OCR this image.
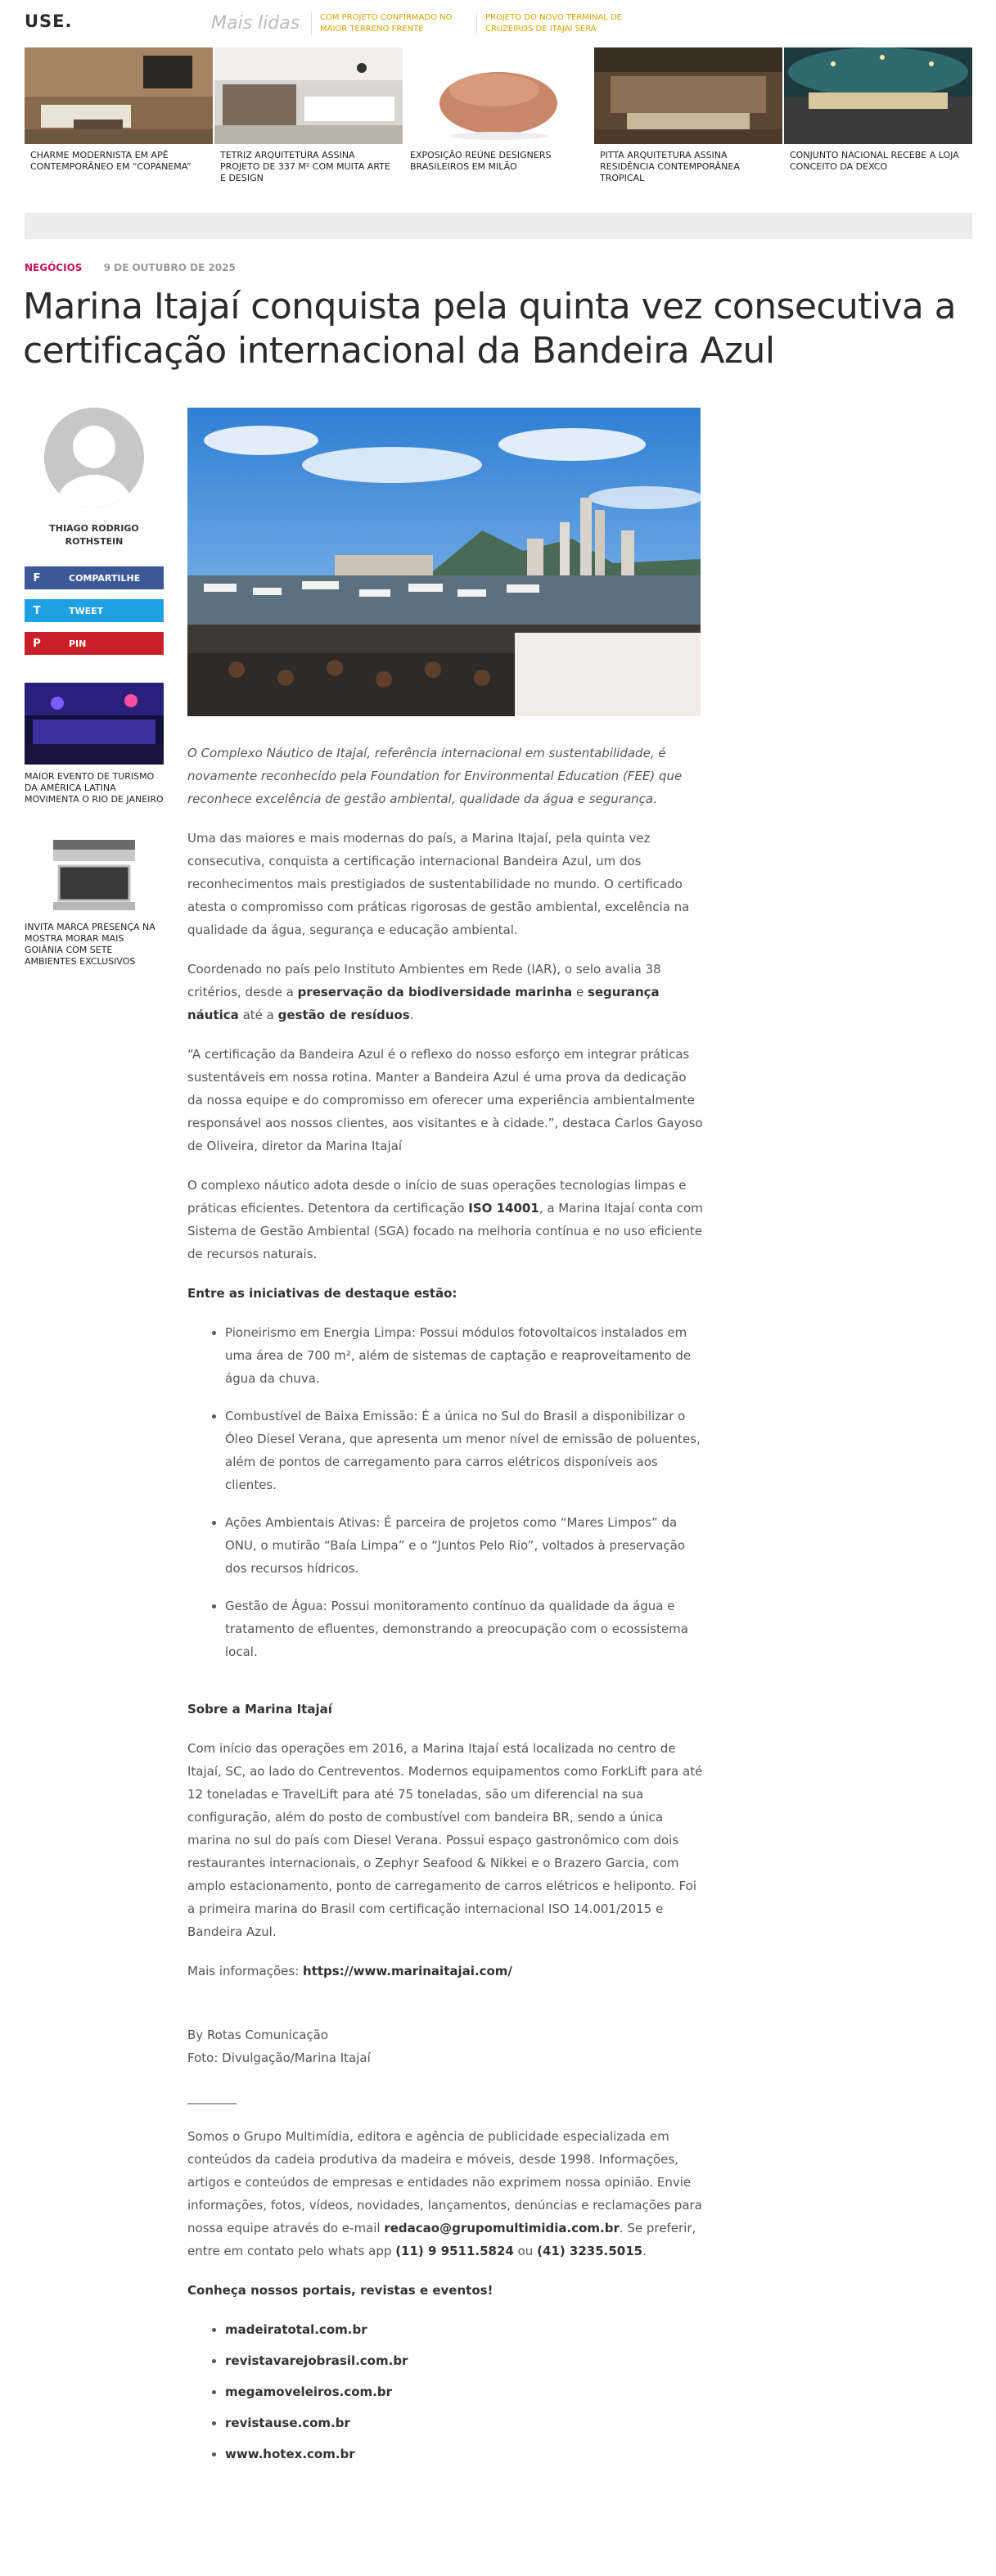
USE.	Mais lidas	COM PROJETO CONFIRMADO NO MAIOR TERRENO FRENTE
PROJETO DO NOVO TERMINAL DE CRUZEIROS DE ITAJAÍ SERÁ
CHARME MODERNISTA EM APÊ CONTEMPORÂNEO EM “COPANEMA”
TETRIZ ARQUITETURA ASSINA PROJETO DE 337 M² COM MUITA ARTE E DESIGN
EXPOSIÇÃO REÚNE DESIGNERS BRASILEIROS EM MILÃO
PITTA ARQUITETURA ASSINA RESIDÊNCIA CONTEMPORÂNEA TROPICAL
CONJUNTO NACIONAL RECEBE A LOJA CONCEITO DA DEXCO
NEGÓCIOS 9 DE OUTUBRO DE 2025
Marina Itajaí conquista pela quinta vez consecutiva a certificação internacional da Bandeira Azul
THIAGO RODRIGO ROTHSTEIN
F	COMPARTILHE
T	TWEET
P	PIN
MAIOR EVENTO DE TURISMO DA AMÉRICA LATINA MOVIMENTA O RIO DE JANEIRO
INVITA MARCA PRESENÇA NA MOSTRA MORAR MAIS GOIÂNIA COM SETE AMBIENTES EXCLUSIVOS

O Complexo Náutico de Itajaí, referência internacional em sustentabilidade, é novamente reconhecido pela Foundation for Environmental Education (FEE) que reconhece excelência de gestão ambiental, qualidade da água e segurança.

Uma das maiores e mais modernas do país, a Marina Itajaí, pela quinta vez consecutiva, conquista a certificação internacional Bandeira Azul, um dos reconhecimentos mais prestigiados de sustentabilidade no mundo. O certificado atesta o compromisso com práticas rigorosas de gestão ambiental, excelência na qualidade da água, segurança e educação ambiental.

Coordenado no país pelo Instituto Ambientes em Rede (IAR), o selo avalia 38 critérios, desde a preservação da biodiversidade marinha e segurança náutica até a gestão de resíduos.

“A certificação da Bandeira Azul é o reflexo do nosso esforço em integrar práticas sustentáveis em nossa rotina. Manter a Bandeira Azul é uma prova da dedicação da nossa equipe e do compromisso em oferecer uma experiência ambientalmente responsável aos nossos clientes, aos visitantes e à cidade.”, destaca Carlos Gayoso de Oliveira, diretor da Marina Itajaí

O complexo náutico adota desde o início de suas operações tecnologias limpas e práticas eficientes. Detentora da certificação ISO 14001, a Marina Itajaí conta com Sistema de Gestão Ambiental (SGA) focado na melhoria contínua e no uso eficiente de recursos naturais.

Entre as iniciativas de destaque estão:

• Pioneirismo em Energia Limpa: Possui módulos fotovoltaicos instalados em uma área de 700 m², além de sistemas de captação e reaproveitamento de água da chuva.
• Combustível de Baixa Emissão: É a única no Sul do Brasil a disponibilizar o Óleo Diesel Verana, que apresenta um menor nível de emissão de poluentes, além de pontos de carregamento para carros elétricos disponíveis aos clientes.
• Ações Ambientais Ativas: É parceira de projetos como “Mares Limpos” da ONU, o mutirão “Baía Limpa” e o “Juntos Pelo Rio”, voltados à preservação dos recursos hídricos.
• Gestão de Água: Possui monitoramento contínuo da qualidade da água e tratamento de efluentes, demonstrando a preocupação com o ecossistema local.

Sobre a Marina Itajaí

Com início das operações em 2016, a Marina Itajaí está localizada no centro de Itajaí, SC, ao lado do Centreventos. Modernos equipamentos como ForkLift para até 12 toneladas e TravelLift para até 75 toneladas, são um diferencial na sua configuração, além do posto de combustível com bandeira BR, sendo a única marina no sul do país com Diesel Verana. Possui espaço gastronômico com dois restaurantes internacionais, o Zephyr Seafood & Nikkei e o Brazero Garcia, com amplo estacionamento, ponto de carregamento de carros elétricos e heliponto. Foi a primeira marina do Brasil com certificação internacional ISO 14.001/2015 e Bandeira Azul.

Mais informações: https://www.marinaitajai.com/

By Rotas Comunicação

Foto: Divulgação/Marina Itajaí

________

Somos o Grupo Multimídia, editora e agência de publicidade especializada em conteúdos da cadeia produtiva da madeira e móveis, desde 1998. Informações, artigos e conteúdos de empresas e entidades não exprimem nossa opinião. Envie informações, fotos, vídeos, novidades, lançamentos, denúncias e reclamações para nossa equipe através do e-mail redacao@grupomultimidia.com.br. Se preferir, entre em contato pelo whats app (11) 9 9511.5824 ou (41) 3235.5015.

Conheça nossos portais, revistas e eventos!

• madeiratotal.com.br
• revistavarejobrasil.com.br
• megamoveleiros.com.br
• revistause.com.br
• www.hotex.com.br
